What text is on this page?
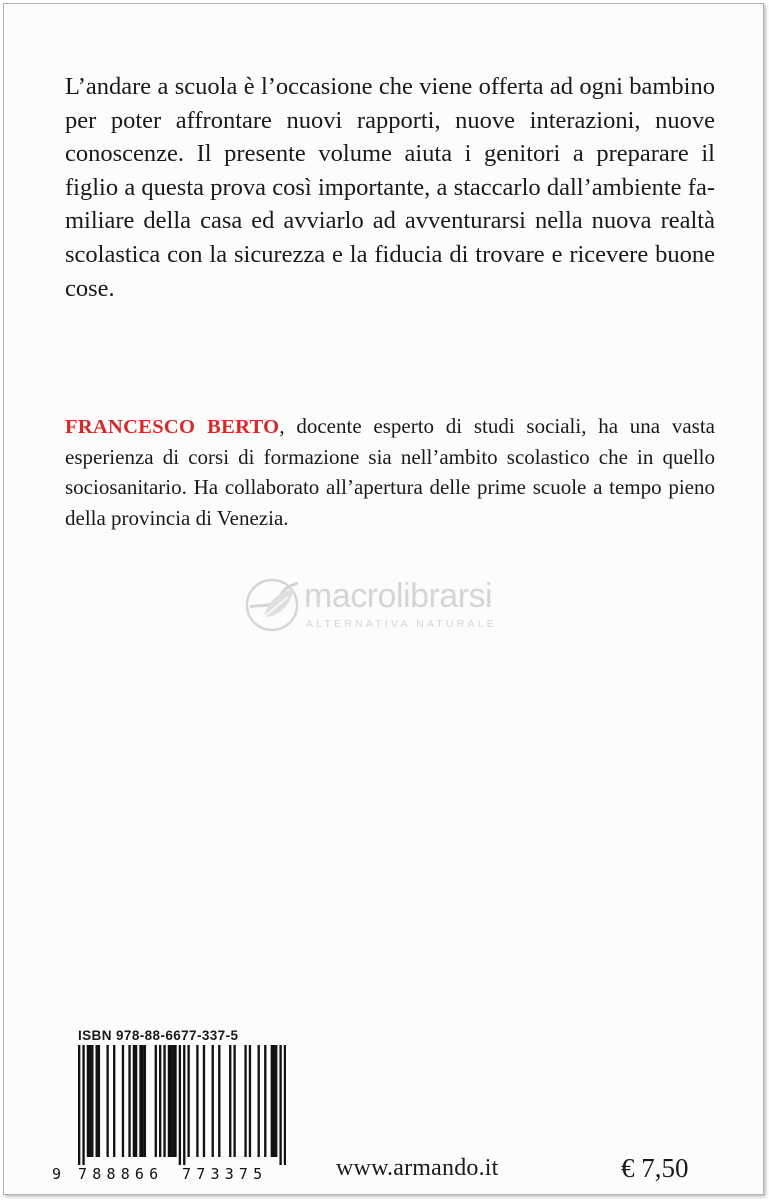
L’andare a scuola è l’occasione che viene offerta ad ogni bambino per poter affrontare nuovi rapporti, nuove interazioni, nuove conoscenze. Il presente volume aiuta i genitori a preparare il figlio a questa prova così importante, a staccarlo dall’ambiente familiare della casa ed avviarlo ad avventurarsi nella nuova realtà scolastica con la sicurezza e la fiducia di trovare e ricevere buone cose.

FRANCESCO BERTO, docente esperto di studi sociali, ha una vasta esperienza di corsi di formazione sia nell’ambito scolastico che in quello sociosanitario. Ha collaborato all’apertura delle prime scuole a tempo pieno della provincia di Venezia.

macrolibrarsi
ALTERNATIVA NATURALE
ISBN 978-88-6677-337-5
9 788866 773375	www.armando.it	€ 7,50
